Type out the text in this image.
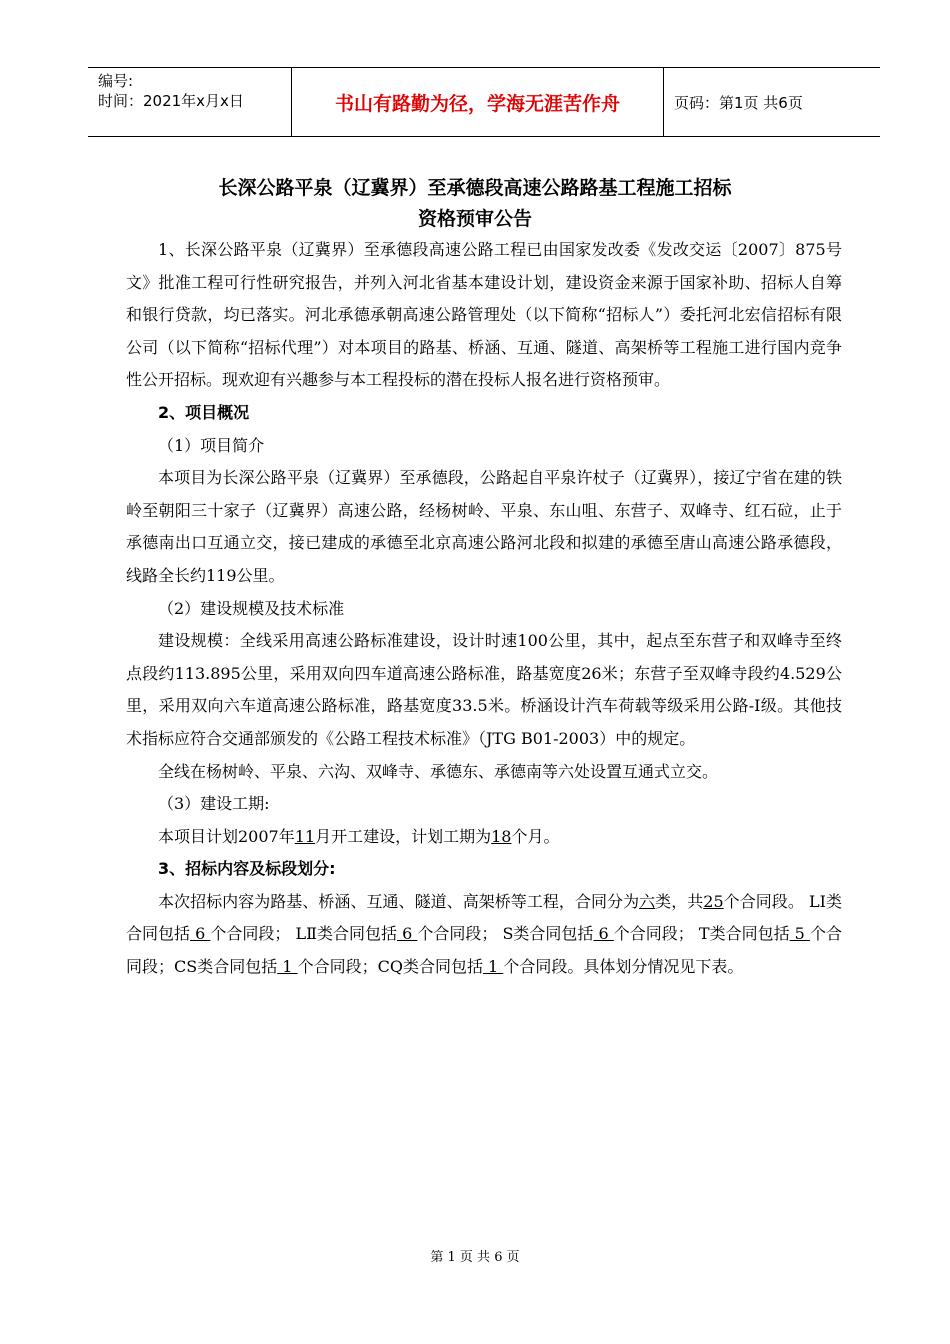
编号:
时间：2021年x月x日	书山有路勤为径，学海无涯苦作舟	页码：第1页 共6页
长深公路平泉（辽冀界）至承德段高速公路路基工程施工招标
资格预审公告

1、长深公路平泉（辽冀界）至承德段高速公路工程已由国家发改委《发改交运〔2007〕875号文》批准工程可行性研究报告，并列入河北省基本建设计划，建设资金来源于国家补助、招标人自筹和银行贷款，均已落实。河北承德承朝高速公路管理处（以下简称“招标人”）委托河北宏信招标有限公司（以下简称“招标代理”）对本项目的路基、桥涵、互通、隧道、高架桥等工程施工进行国内竞争性公开招标。现欢迎有兴趣参与本工程投标的潜在投标人报名进行资格预审。

2、项目概况

（1）项目简介

本项目为长深公路平泉（辽冀界）至承德段，公路起自平泉许杖子（辽冀界），接辽宁省在建的铁岭至朝阳三十家子（辽冀界）高速公路，经杨树岭、平泉、东山咀、东营子、双峰寺、红石砬，止于承德南出口互通立交，接已建成的承德至北京高速公路河北段和拟建的承德至唐山高速公路承德段，线路全长约119公里。

（2）建设规模及技术标准

建设规模：全线采用高速公路标准建设，设计时速100公里，其中，起点至东营子和双峰寺至终点段约113.895公里，采用双向四车道高速公路标准，路基宽度26米；东营子至双峰寺段约4.529公里，采用双向六车道高速公路标准，路基宽度33.5米。桥涵设计汽车荷载等级采用公路-I级。其他技术指标应符合交通部颁发的《公路工程技术标准》（JTG B01-2003）中的规定。

全线在杨树岭、平泉、六沟、双峰寺、承德东、承德南等六处设置互通式立交。

（3）建设工期:

本项目计划2007年11月开工建设，计划工期为18个月。

3、招标内容及标段划分:

本次招标内容为路基、桥涵、互通、隧道、高架桥等工程，合同分为六类，共25个合同段。 LI类合同包括 6 个合同段； LⅡ类合同包括 6 个合同段； S类合同包括 6 个合同段； T类合同包括 5 个合同段；CS类合同包括 1 个合同段；CQ类合同包括 1 个合同段。具体划分情况见下表。

第 1 页 共 6 页
